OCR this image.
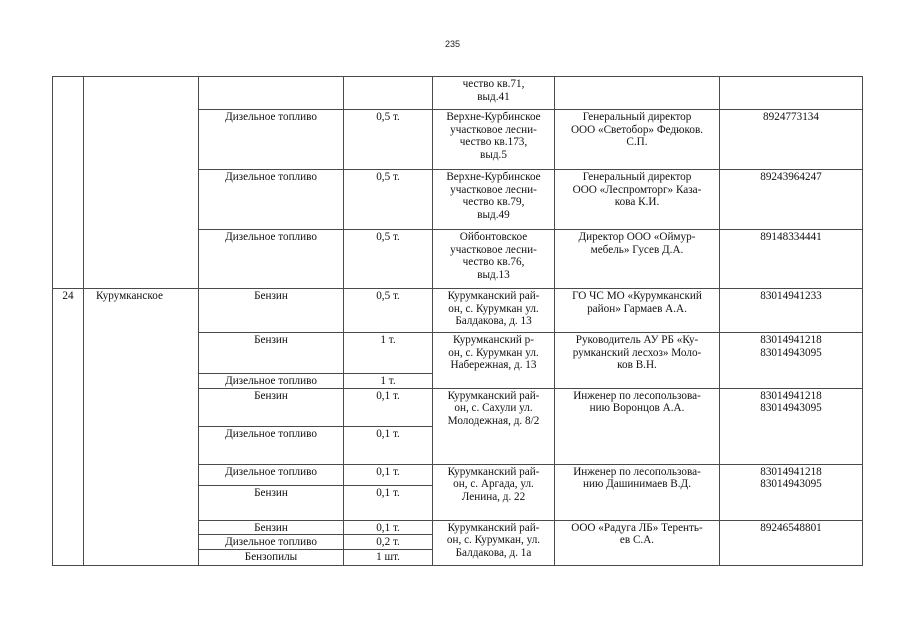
235

				чество кв.71,
выд.41		

		Дизельное топливо	0,5 т.	Верхне-Курбинское
участковое лесни-
чество кв.173,
выд.5	Генеральный директор
ООО «Светобор» Федюков.
С.П.	8924773134

		Дизельное топливо	0,5 т.	Верхне-Курбинское
участковое лесни-
чество кв.79,
выд.49	Генеральный директор
ООО «Леспромторг» Каза-
кова К.И.	89243964247

		Дизельное топливо	0,5 т.	Ойбонтовское
участковое лесни-
чество кв.76,
выд.13	Директор ООО «Оймур-
мебель» Гусев Д.А.	89148334441

24	Курумканское	Бензин	0,5 т.	Курумканский рай-
он, с. Курумкан ул.
Балдакова, д. 13	ГО ЧС МО «Курумканский
район» Гармаев А.А.	83014941233

		Бензин	1 т.	Курумканский р-
он, с. Курумкан ул.
Набережная, д. 13	Руководитель АУ РБ «Ку-
румканский лесхоз» Моло-
ков В.Н.	83014941218
83014943095

		Дизельное топливо	1 т.			
		Бензин	0,1 т.	Курумканский рай-
он, с. Сахули ул.
Молодежная, д. 8/2	Инженер по лесопользова-
нию Воронцов А.А.	83014941218
83014943095

		Дизельное топливо	0,1 т.			
		Дизельное топливо	0,1 т.	Курумканский рай-
он, с. Аргада, ул.
Ленина, д. 22	Инженер по лесопользова-
нию Дашинимаев В.Д.	83014941218
83014943095

		Бензин	0,1 т.			
		Бензин	0,1 т.	Курумканский рай-
он, с. Курумкан, ул.
Балдакова, д. 1а	ООО «Радуга ЛБ» Теренть-
ев С.А.	89246548801

		Дизельное топливо	0,2 т.			
		Бензопилы	1 шт.			
